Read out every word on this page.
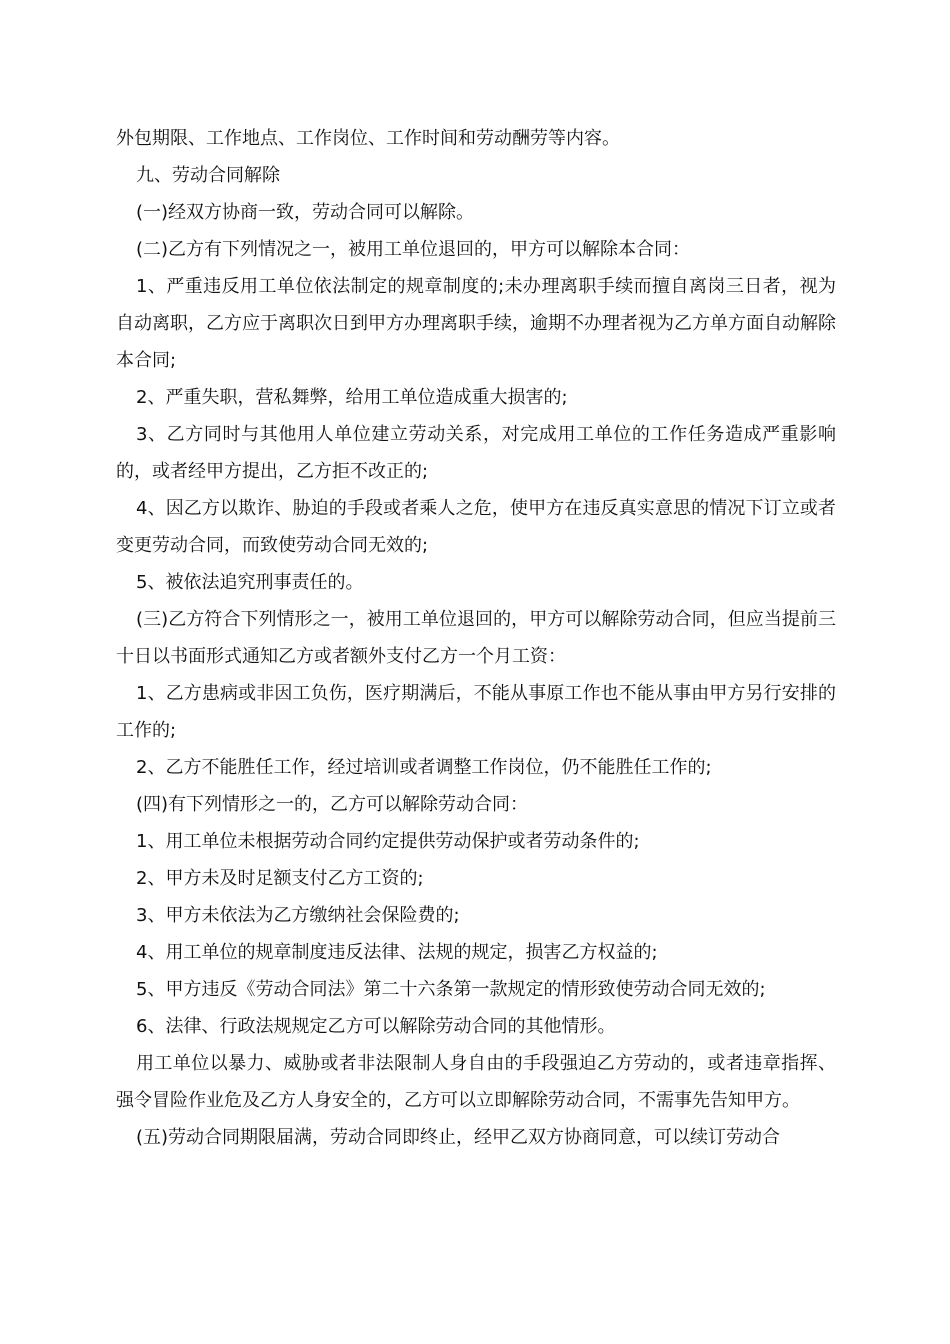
外包期限、工作地点、工作岗位、工作时间和劳动酬劳等内容。

九、劳动合同解除

(一)经双方协商一致，劳动合同可以解除。

(二)乙方有下列情况之一，被用工单位退回的，甲方可以解除本合同：

1、严重违反用工单位依法制定的规章制度的;未办理离职手续而擅自离岗三日者，视为自动离职，乙方应于离职次日到甲方办理离职手续，逾期不办理者视为乙方单方面自动解除本合同;

2、严重失职，营私舞弊，给用工单位造成重大损害的;

3、乙方同时与其他用人单位建立劳动关系，对完成用工单位的工作任务造成严重影响的，或者经甲方提出，乙方拒不改正的;

4、因乙方以欺诈、胁迫的手段或者乘人之危，使甲方在违反真实意思的情况下订立或者变更劳动合同，而致使劳动合同无效的;

5、被依法追究刑事责任的。

(三)乙方符合下列情形之一，被用工单位退回的，甲方可以解除劳动合同，但应当提前三十日以书面形式通知乙方或者额外支付乙方一个月工资：

1、乙方患病或非因工负伤，医疗期满后，不能从事原工作也不能从事由甲方另行安排的工作的;

2、乙方不能胜任工作，经过培训或者调整工作岗位，仍不能胜任工作的;

(四)有下列情形之一的，乙方可以解除劳动合同：

1、用工单位未根据劳动合同约定提供劳动保护或者劳动条件的;

2、甲方未及时足额支付乙方工资的;

3、甲方未依法为乙方缴纳社会保险费的;

4、用工单位的规章制度违反法律、法规的规定，损害乙方权益的;

5、甲方违反《劳动合同法》第二十六条第一款规定的情形致使劳动合同无效的;

6、法律、行政法规规定乙方可以解除劳动合同的其他情形。

用工单位以暴力、威胁或者非法限制人身自由的手段强迫乙方劳动的，或者违章指挥、强令冒险作业危及乙方人身安全的，乙方可以立即解除劳动合同，不需事先告知甲方。

(五)劳动合同期限届满，劳动合同即终止，经甲乙双方协商同意，可以续订劳动合
